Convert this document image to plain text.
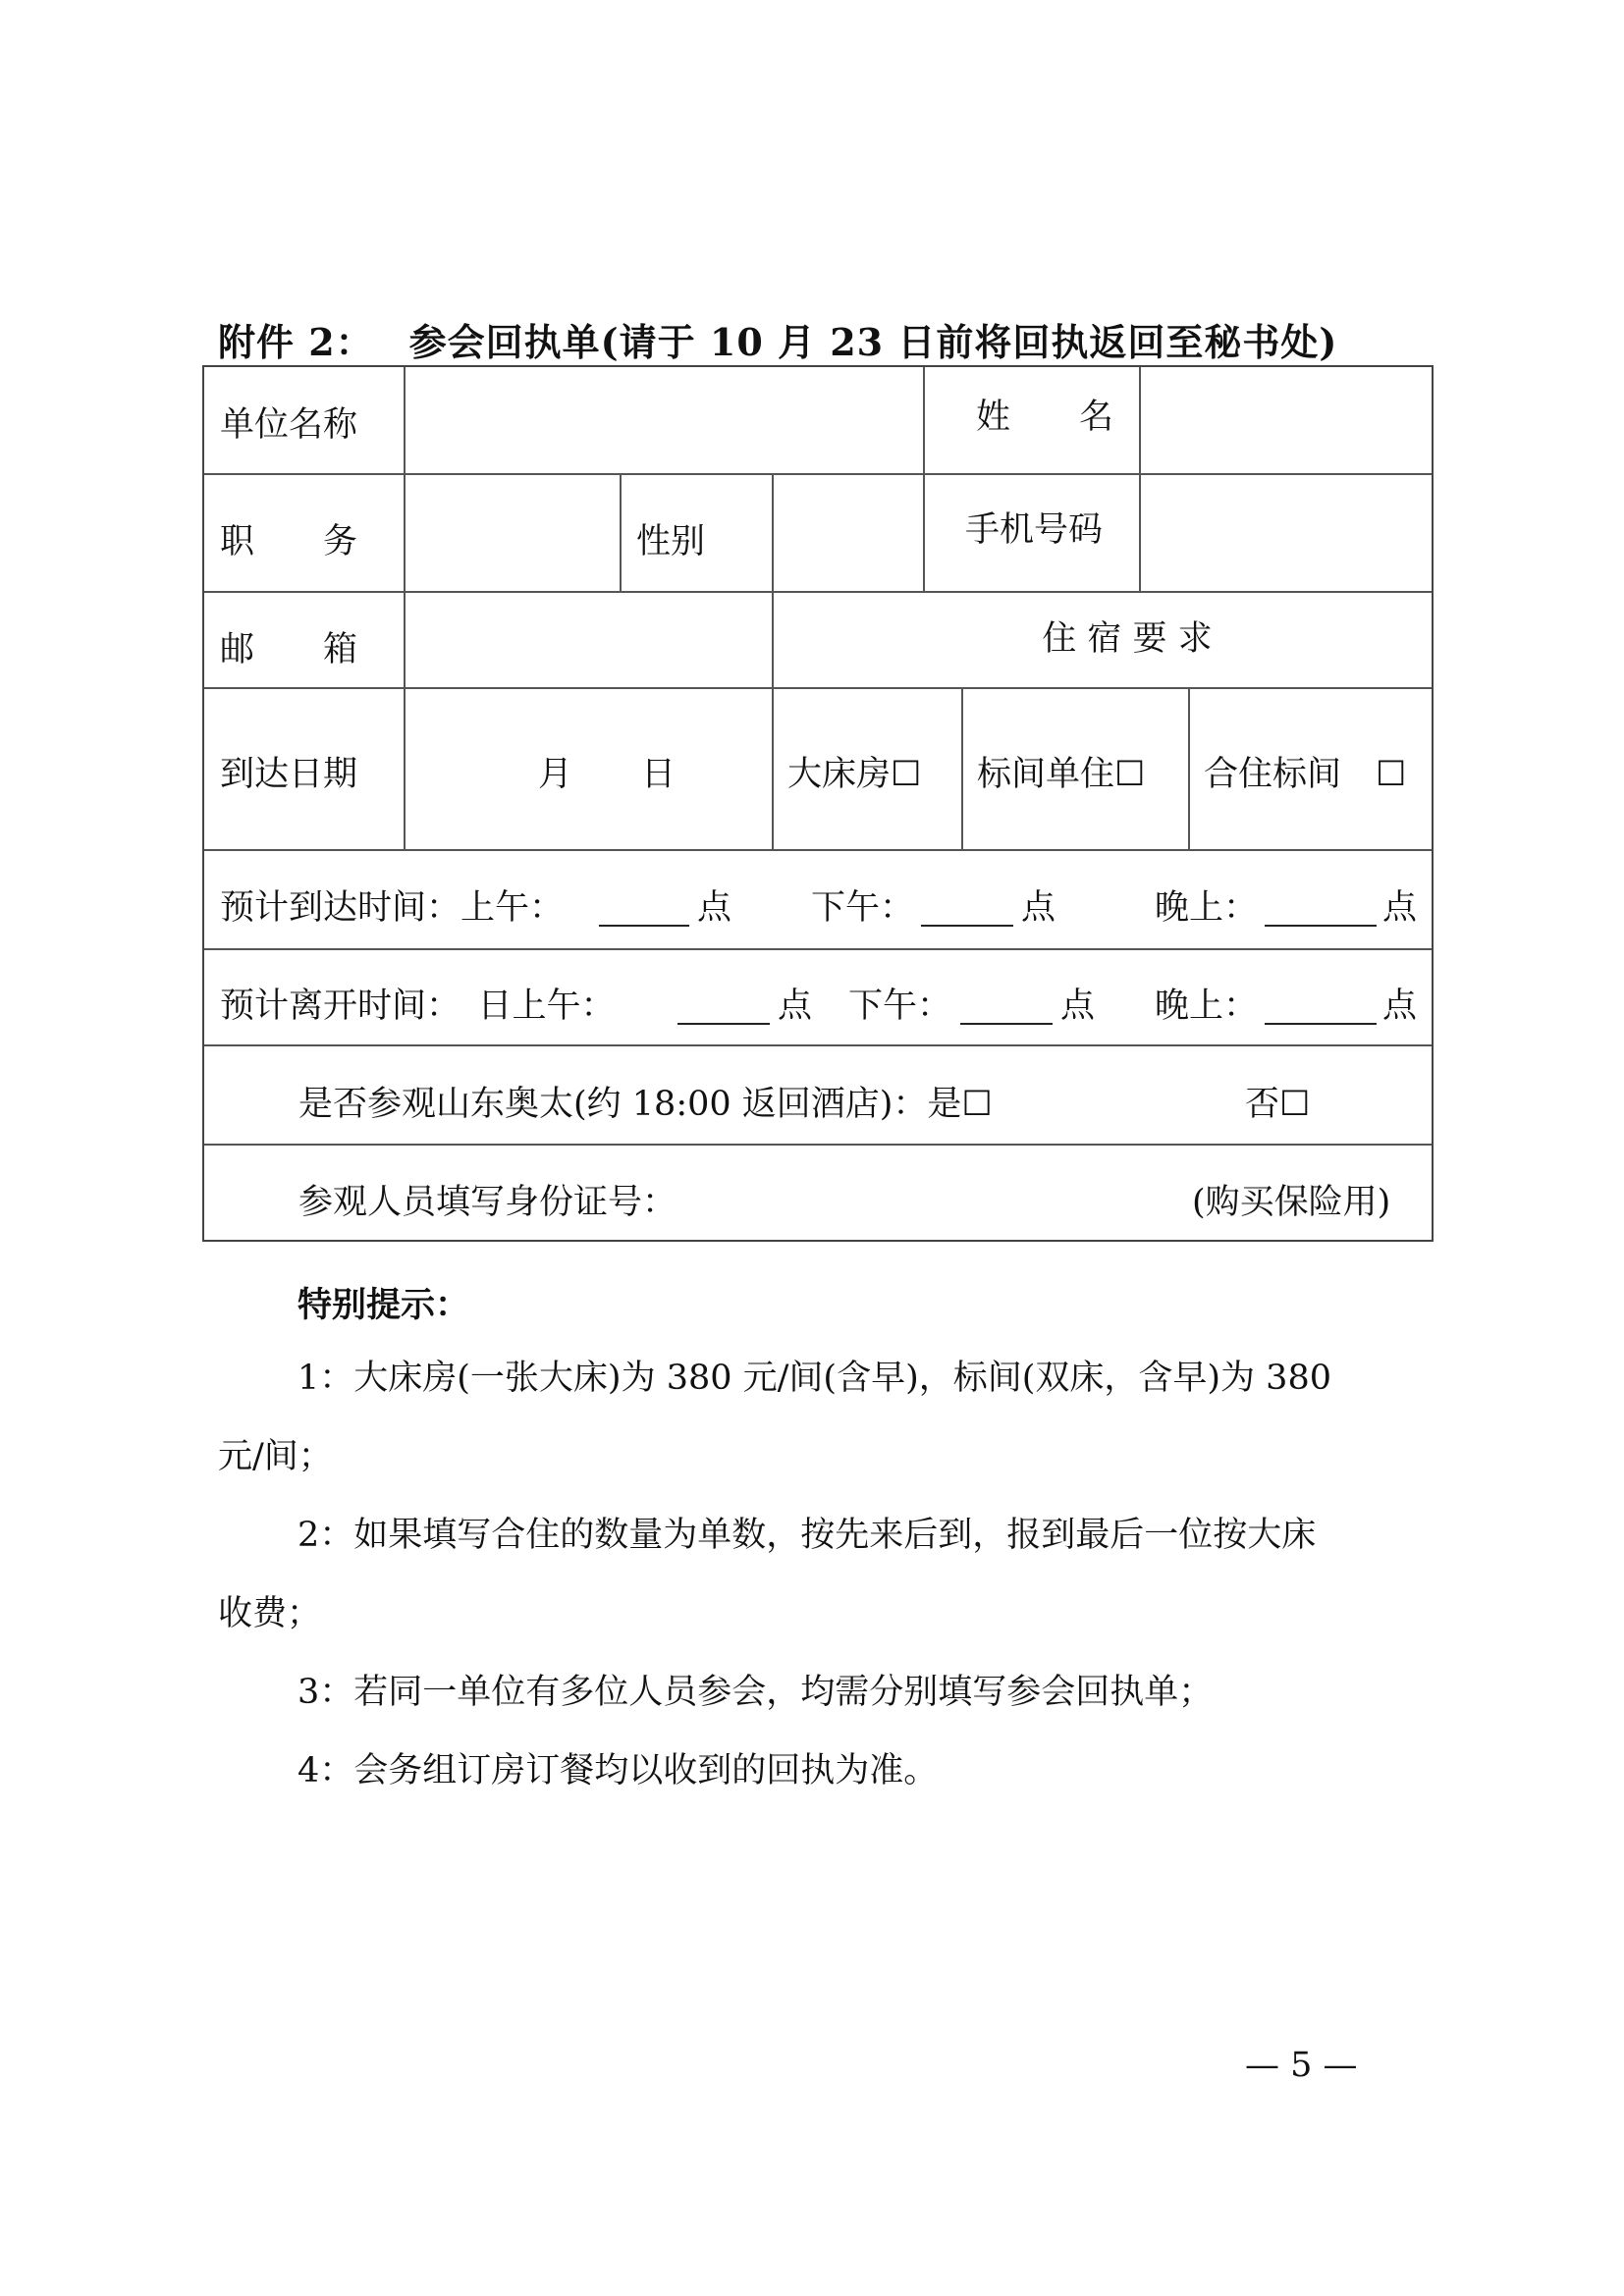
附件 2： 参会回执单(请于 10 月 23 日前将回执返回至秘书处)
单位名称	姓　　名
职　　务	性别	手机号码
邮　　箱	住 宿 要 求
到达日期	月　　日	大床房☐ 标间单住☐ 合住标间　☐
预计到达时间：上午：	点 下午：	点	晚上：	点
预计离开时间：　日上午：	点 下午：	点 晚上：	点
是否参观山东奥太(约 18:00 返回酒店)：是☐	否☐
参观人员填写身份证号：	(购买保险用)
特别提示：
1：大床房(一张大床)为 380 元/间(含早)，标间(双床，含早)为 380
元/间；
2：如果填写合住的数量为单数，按先来后到，报到最后一位按大床
收费；
3：若同一单位有多位人员参会，均需分别填写参会回执单；
4：会务组订房订餐均以收到的回执为准。
— 5 —
